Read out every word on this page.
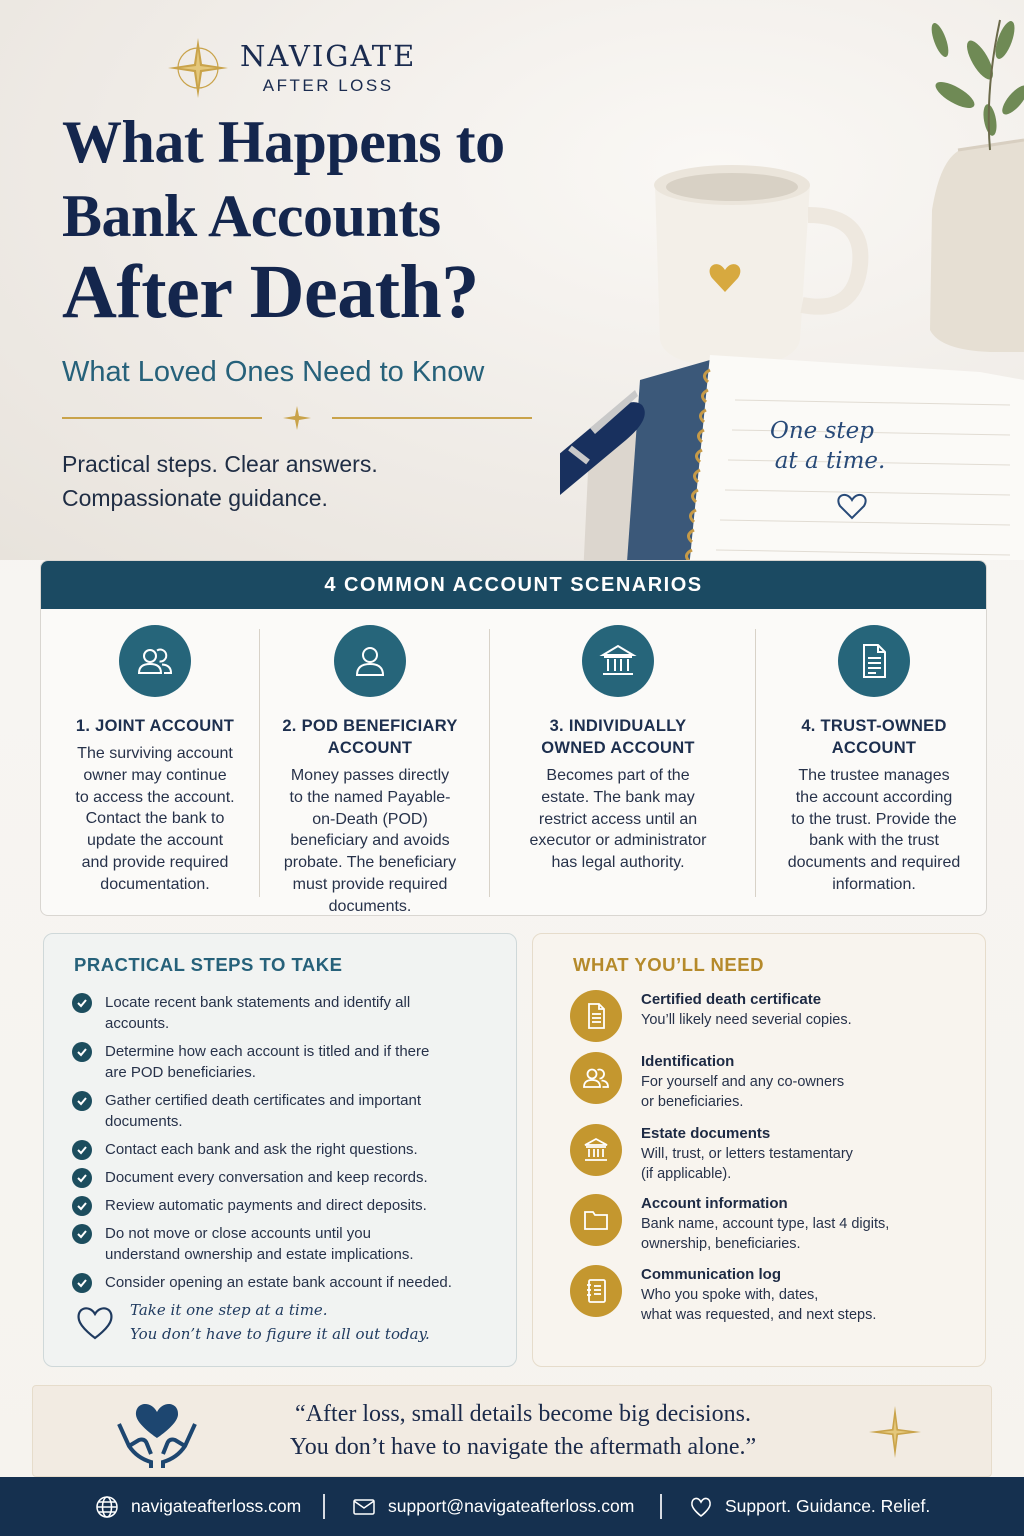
One step
at a time.
NAVIGATE
AFTER LOSS
What Happens to
Bank Accounts
After Death?
What Loved Ones Need to Know
Practical steps. Clear answers.
Compassionate guidance.
4 COMMON ACCOUNT SCENARIOS
1. JOINT ACCOUNT

The surviving account
owner may continue
to access the account.
Contact the bank to
update the account
and provide required
documentation.

2. POD BENEFICIARY
ACCOUNT

Money passes directly
to the named Payable-
on-Death (POD)
beneficiary and avoids
probate. The beneficiary
must provide required
documents.

3. INDIVIDUALLY
OWNED ACCOUNT

Becomes part of the
estate. The bank may
restrict access until an
executor or administrator
has legal authority.

4. TRUST-OWNED
ACCOUNT

The trustee manages
the account according
to the trust. Provide the
bank with the trust
documents and required
information.

PRACTICAL STEPS TO TAKE
Locate recent bank statements and identify all
accounts.
Determine how each account is titled and if there
are POD beneficiaries.
Gather certified death certificates and important
documents.
Contact each bank and ask the right questions.
Document every conversation and keep records.
Review automatic payments and direct deposits.
Do not move or close accounts until you
understand ownership and estate implications.
Consider opening an estate bank account if needed.
Take it one step at a time.
You don’t have to figure it all out today.
WHAT YOU’LL NEED
Certified death certificate
You’ll likely need severial copies.
Identification
For yourself and any co-owners
or beneficiaries.
Estate documents
Will, trust, or letters testamentary
(if applicable).
Account information
Bank name, account type, last 4 digits,
ownership, beneficiaries.
Communication log
Who you spoke with, dates,
what was requested, and next steps.
“After loss, small details become big decisions.
You don’t have to navigate the aftermath alone.”
navigateafterloss.com	support@navigateafterloss.com	Support. Guidance. Relief.
